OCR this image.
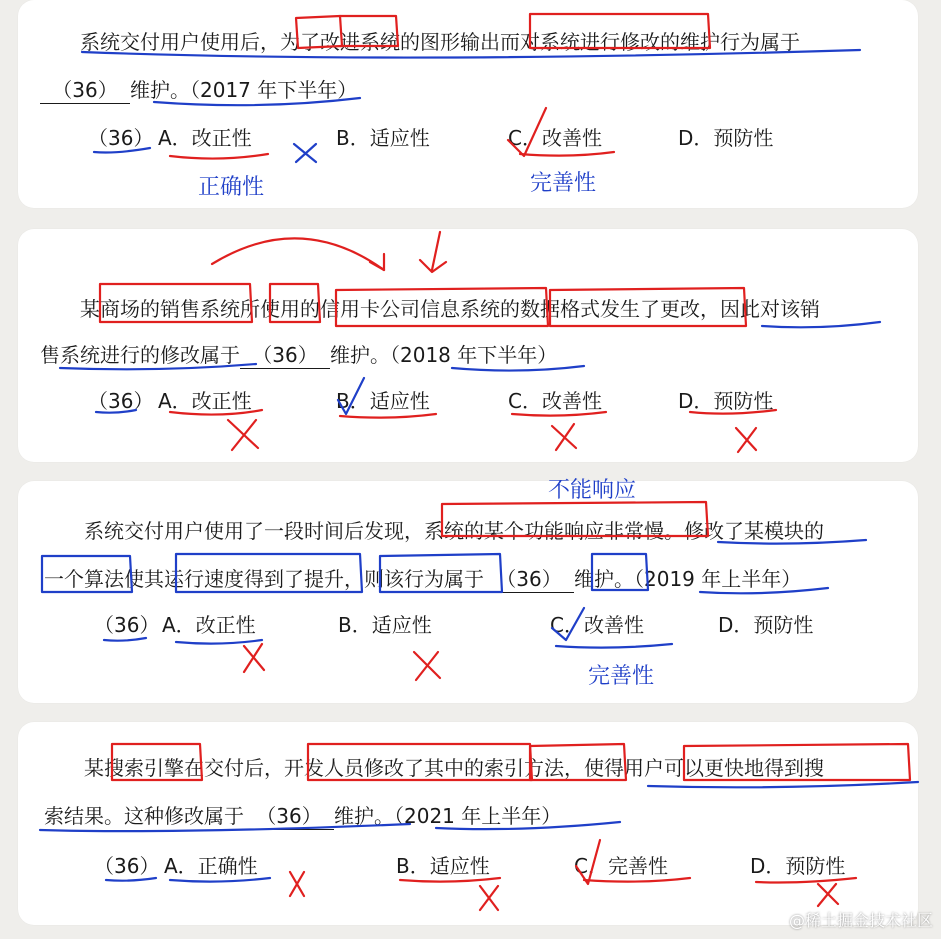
系统交付用户使用后，为了改进系统的图形输出而对系统进行修改的维护行为属于
（36） 维护。（2017 年下半年）
（36） A．改正性	B．适应性	C．改善性	D．预防性
正确性	完善性
某商场的销售系统所使用的信用卡公司信息系统的数据格式发生了更改，因此对该销
售系统进行的修改属于 （36） 维护。（2018 年下半年）
（36） A．改正性	B．适应性	C．改善性	D．预防性
不能响应
系统交付用户使用了一段时间后发现，系统的某个功能响应非常慢。修改了某模块的
一个算法使其运行速度得到了提升，则该行为属于 （36） 维护。（2019 年上半年）
（36） A．改正性	B．适应性	C．改善性	D．预防性
完善性
某搜索引擎在交付后，开发人员修改了其中的索引方法，使得用户可以更快地得到搜
索结果。这种修改属于 （36） 维护。（2021 年上半年）
（36） A．正确性	B．适应性	C．完善性	D．预防性
@稀土掘金技术社区
